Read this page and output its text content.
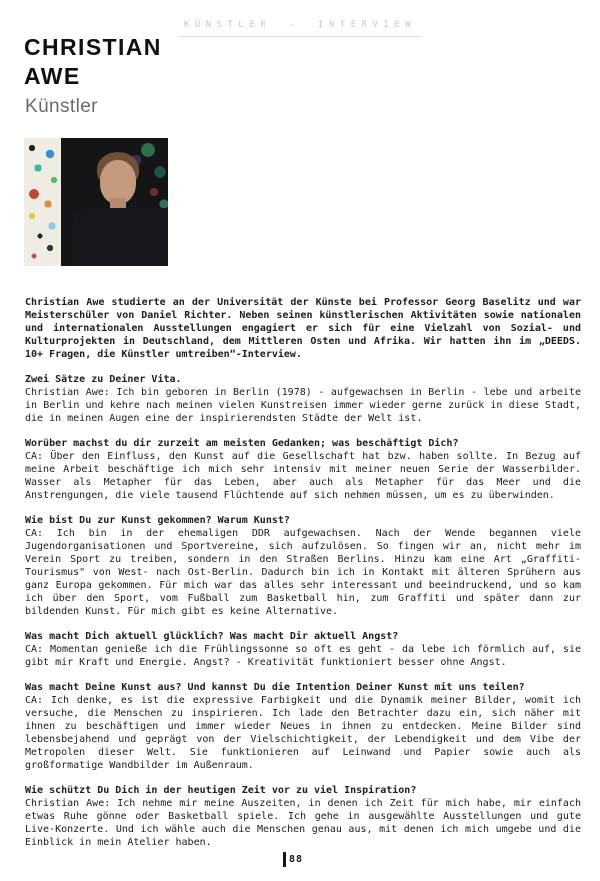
KÜNSTLER - INTERVIEW
CHRISTIAN
AWE
Künstler

Christian Awe studierte an der Universität der Künste bei Professor Georg Baselitz und war Meisterschüler von Daniel Richter. Neben seinen künstlerischen Aktivitäten sowie nationalen und internationalen Ausstellungen engagiert er sich für eine Vielzahl von Sozial- und Kulturprojekten in Deutschland, dem Mittleren Osten und Afrika. Wir hatten ihn im „DEEDS. 10+ Fragen, die Künstler umtreiben“-Interview.

Zwei Sätze zu Deiner Vita.

Christian Awe: Ich bin geboren in Berlin (1978) - aufgewachsen in Berlin - lebe und arbeite in Berlin und kehre nach meinen vielen Kunstreisen immer wieder gerne zurück in diese Stadt, die in meinen Augen eine der inspirierendsten Städte der Welt ist.

Worüber machst du dir zurzeit am meisten Gedanken; was beschäftigt Dich?

CA: Über den Einfluss, den Kunst auf die Gesellschaft hat bzw. haben sollte. In Bezug auf meine Arbeit beschäftige ich mich sehr intensiv mit meiner neuen Serie der Wasserbilder. Wasser als Metapher für das Leben, aber auch als Metapher für das Meer und die Anstrengungen, die viele tausend Flüchtende auf sich nehmen müssen, um es zu überwinden.

Wie bist Du zur Kunst gekommen? Warum Kunst?

CA: Ich bin in der ehemaligen DDR aufgewachsen. Nach der Wende begannen viele Jugendorganisationen und Sportvereine, sich aufzulösen. So fingen wir an, nicht mehr im Verein Sport zu treiben, sondern in den Straßen Berlins. Hinzu kam eine Art „Graffiti-Tourismus" von West- nach Ost-Berlin. Dadurch bin ich in Kontakt mit älteren Sprühern aus ganz Europa gekommen. Für mich war das alles sehr interessant und beeindruckend, und so kam ich über den Sport, vom Fußball zum Basketball hin, zum Graffiti und später dann zur bildenden Kunst. Für mich gibt es keine Alternative.

Was macht Dich aktuell glücklich? Was macht Dir aktuell Angst?

CA: Momentan genieße ich die Frühlingssonne so oft es geht - da lebe ich förmlich auf, sie gibt mir Kraft und Energie. Angst? - Kreativität funktioniert besser ohne Angst.

Was macht Deine Kunst aus? Und kannst Du die Intention Deiner Kunst mit uns teilen?

CA: Ich denke, es ist die expressive Farbigkeit und die Dynamik meiner Bilder, womit ich versuche, die Menschen zu inspirieren. Ich lade den Betrachter dazu ein, sich näher mit ihnen zu beschäftigen und immer wieder Neues in ihnen zu entdecken. Meine Bilder sind lebensbejahend und geprägt von der Vielschichtigkeit, der Lebendigkeit und dem Vibe der Metropolen dieser Welt. Sie funktionieren auf Leinwand und Papier sowie auch als großformatige Wandbilder im Außenraum.

Wie schützt Du Dich in der heutigen Zeit vor zu viel Inspiration?

Christian Awe: Ich nehme mir meine Auszeiten, in denen ich Zeit für mich habe, mir einfach etwas Ruhe gönne oder Basketball spiele. Ich gehe in ausgewählte Ausstellungen und gute Live-Konzerte. Und ich wähle auch die Menschen genau aus, mit denen ich mich umgebe und die Einblick in mein Atelier haben.

88
